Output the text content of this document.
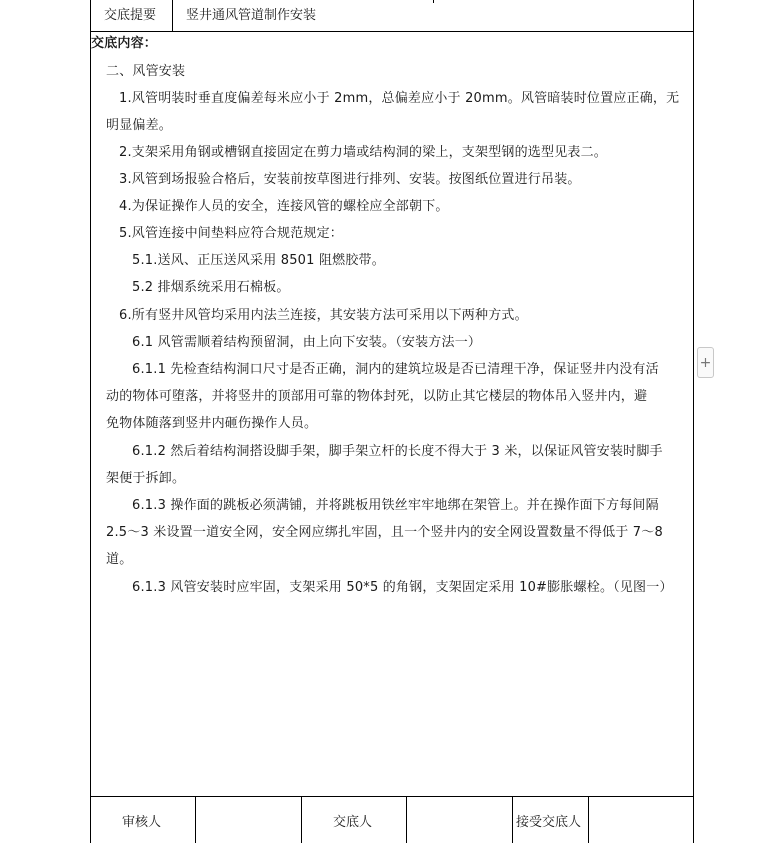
交底提要 竖井通风管道制作安装
交底内容：
二、风管安装
1.风管明装时垂直度偏差每米应小于 2mm，总偏差应小于 20mm。风管暗装时位置应正确，无
明显偏差。
2.支架采用角钢或槽钢直接固定在剪力墙或结构洞的梁上，支架型钢的选型见表二。
3.风管到场报验合格后，安装前按草图进行排列、安装。按图纸位置进行吊装。
4.为保证操作人员的安全，连接风管的螺栓应全部朝下。
5.风管连接中间垫料应符合规范规定：
5.1.送风、正压送风采用 8501 阻燃胶带。
5.2 排烟系统采用石棉板。
6.所有竖井风管均采用内法兰连接，其安装方法可采用以下两种方式。
6.1 风管需顺着结构预留洞，由上向下安装。（安装方法一）
6.1.1 先检查结构洞口尺寸是否正确，洞内的建筑垃圾是否已清理干净，保证竖井内没有活
动的物体可堕落，并将竖井的顶部用可靠的物体封死，以防止其它楼层的物体吊入竖井内，避
免物体随落到竖井内砸伤操作人员。
6.1.2 然后着结构洞搭设脚手架，脚手架立杆的长度不得大于 3 米，以保证风管安装时脚手
架便于拆卸。
6.1.3 操作面的跳板必须满铺，并将跳板用铁丝牢牢地绑在架管上。并在操作面下方每间隔
2.5～3 米设置一道安全网，安全网应绑扎牢固，且一个竖井内的安全网设置数量不得低于 7～8
道。
6.1.3 风管安装时应牢固，支架采用 50*5 的角钢，支架固定采用 10#膨胀螺栓。（见图一）
审核人	交底人	接受交底人
+
